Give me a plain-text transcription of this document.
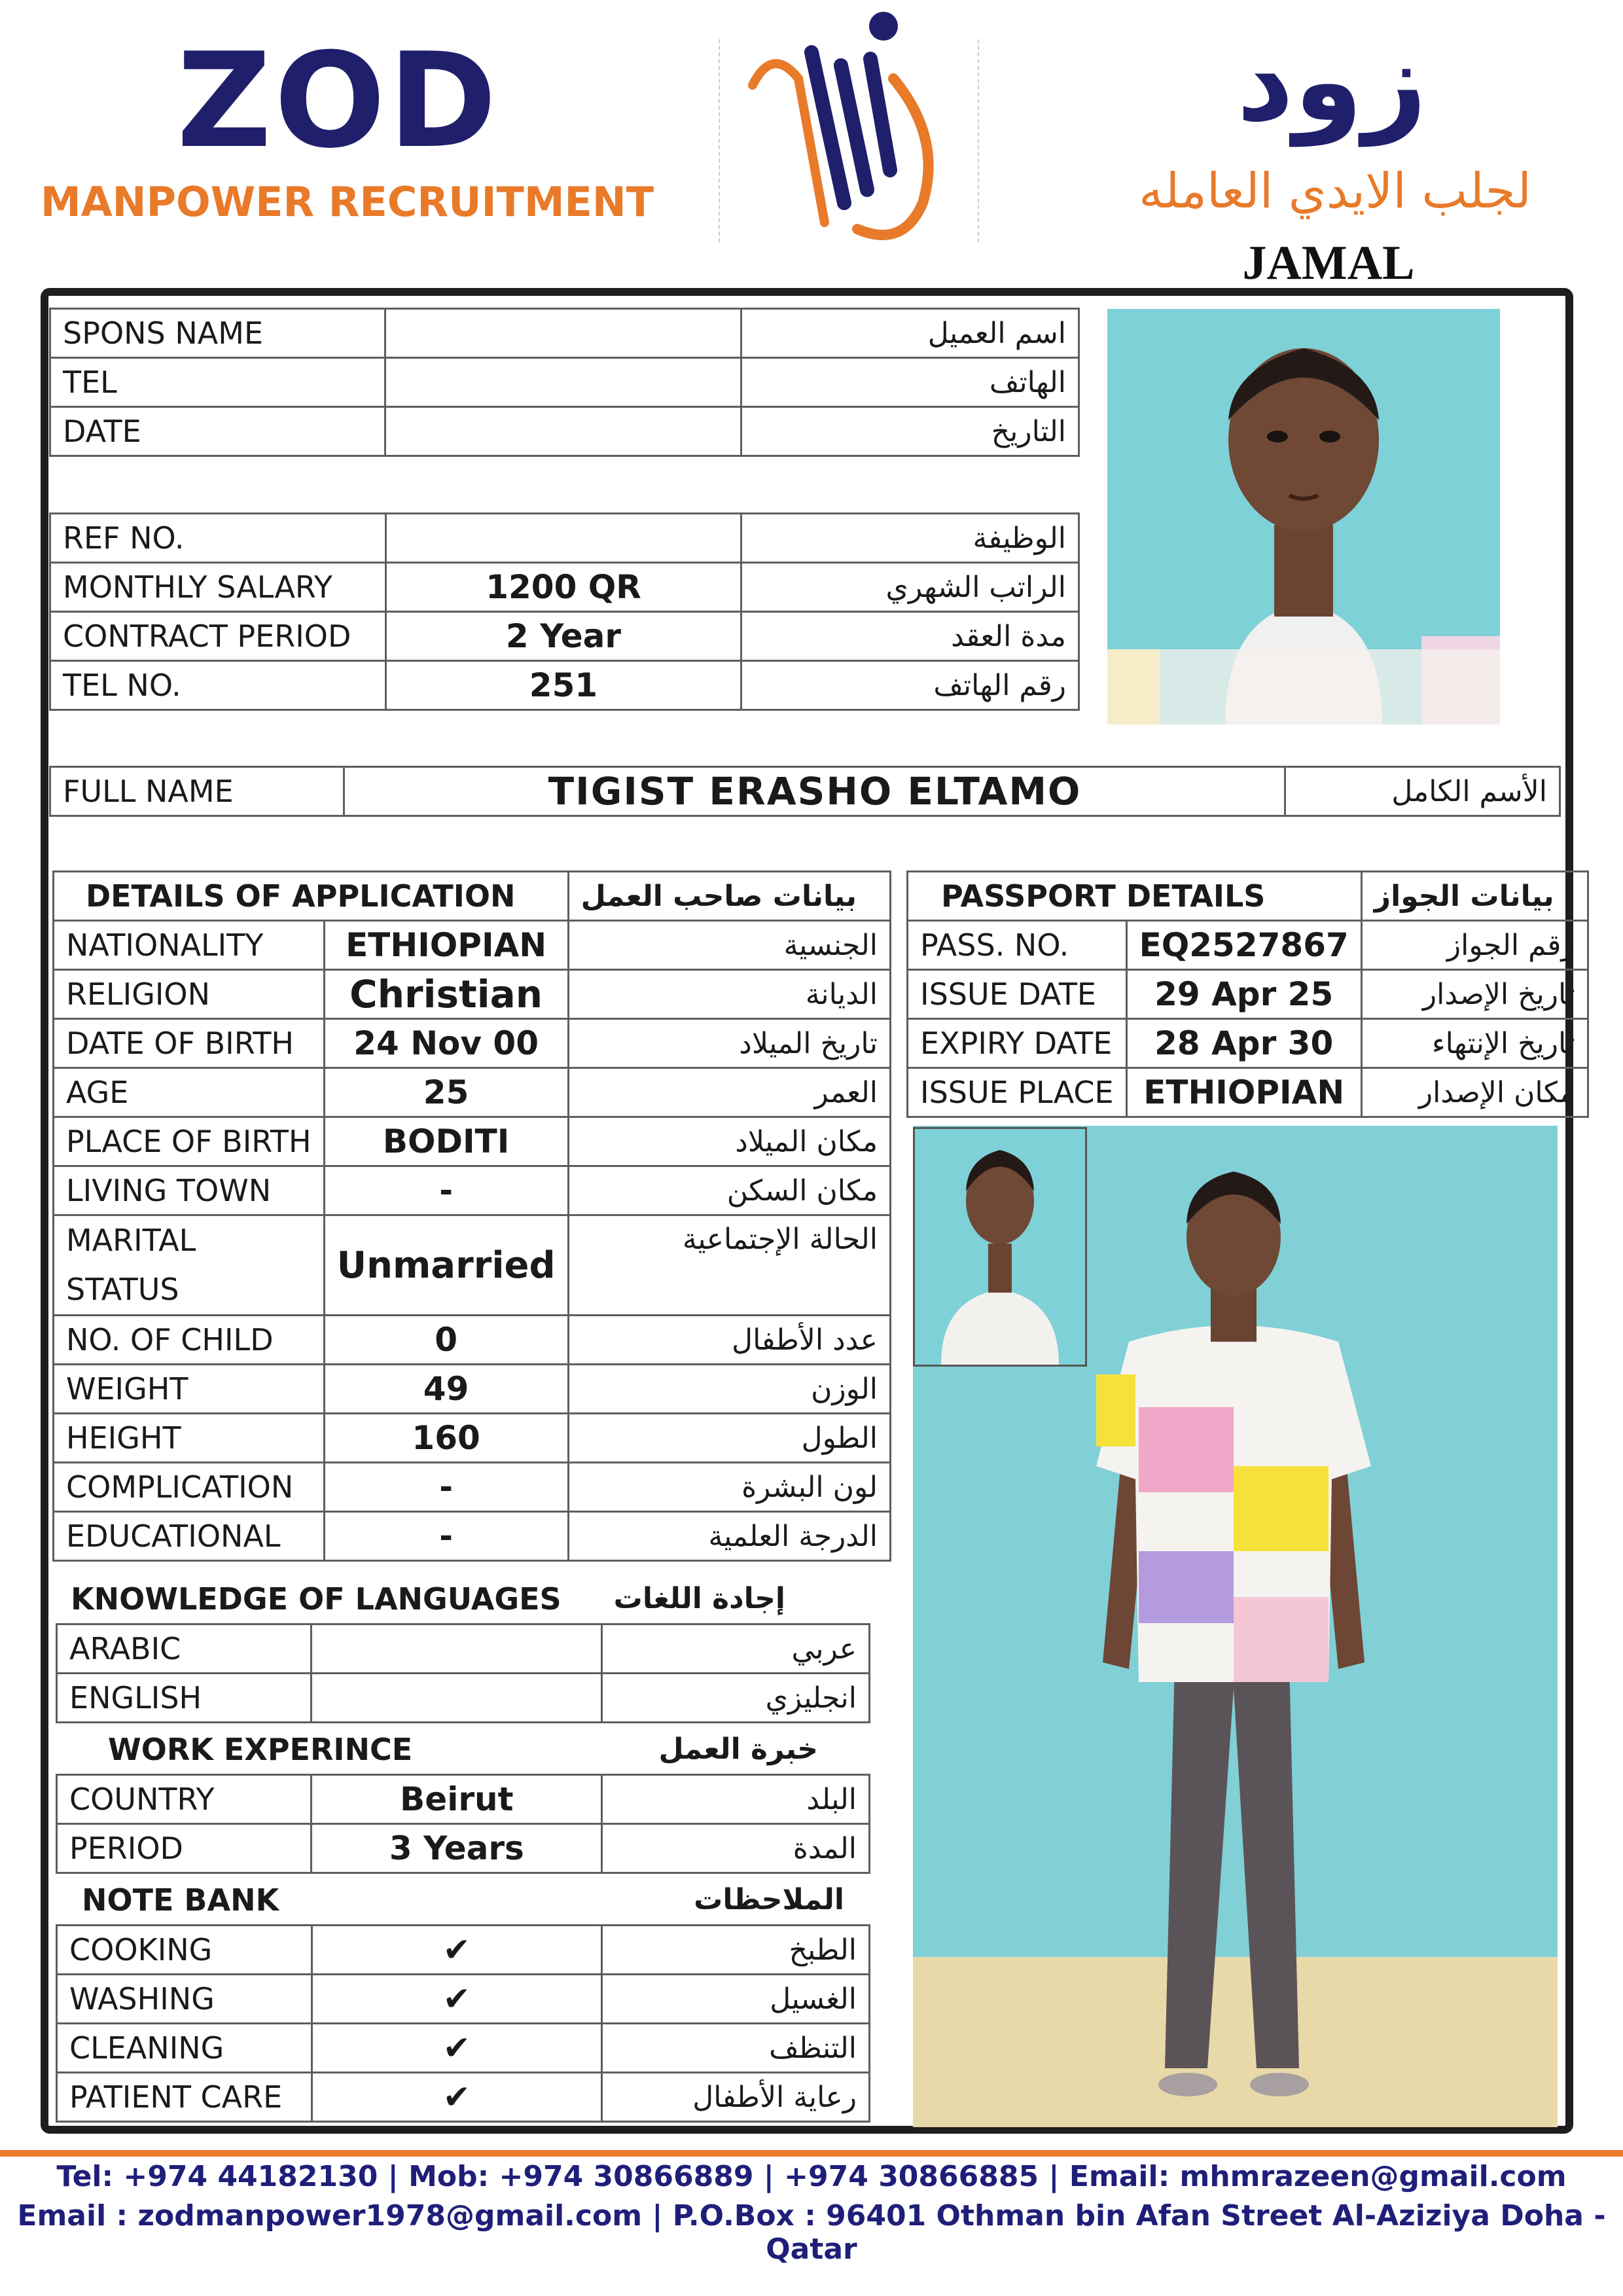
ZOD
MANPOWER RECRUITMENT
زود
لجلب الايدي العامله
JAMAL
SPONS NAME		اسم العميل
TEL		الهاتف
DATE		التاريخ
REF NO.		الوظيفة
MONTHLY SALARY	1200 QR	الراتب الشهري
CONTRACT PERIOD	2 Year	مدة العقد
TEL NO.	251	رقم الهاتف
FULL NAME	TIGIST ERASHO ELTAMO	الأسم الكامل
DETAILS OF APPLICATION		بيانات صاحب العمل
NATIONALITY	ETHIOPIAN	الجنسية
RELIGION	Christian	الديانة
DATE OF BIRTH	24 Nov 00	تاريخ الميلاد
AGE	25	العمر
PLACE OF BIRTH	BODITI	مكان الميلاد
LIVING TOWN	-	مكان السكن
MARITAL STATUS	Unmarried	الحالة الإجتماعية
NO. OF CHILD	0	عدد الأطفال
WEIGHT	49	الوزن
HEIGHT	160	الطول
COMPLICATION	-	لون البشرة
EDUCATIONAL	-	الدرجة العلمية
KNOWLEDGE OF LANGUAGES	إجادة اللغات
ARABIC		عربي
ENGLISH		انجليزي
WORK EXPERINCE	خبرة العمل
COUNTRY	Beirut	البلد
PERIOD	3 Years	المدة
NOTE BANK	الملاحظات
COOKING	✔	الطبخ
WASHING	✔	الغسيل
CLEANING	✔	التنظف
PATIENT CARE	✔	رعاية الأطفال
PASSPORT DETAILS		بيانات الجواز
PASS. NO.	EQ2527867	رقم الجواز
ISSUE DATE	29 Apr 25	تاريخ الإصدار
EXPIRY DATE	28 Apr 30	تاريخ الإنتهاء
ISSUE PLACE	ETHIOPIAN	مكان الإصدار
Tel: +974 44182130 | Mob: +974 30866889 | +974 30866885 | Email: mhmrazeen@gmail.com
Email : zodmanpower1978@gmail.com | P.O.Box : 96401 Othman bin Afan Street Al-Aziziya Doha - Qatar
